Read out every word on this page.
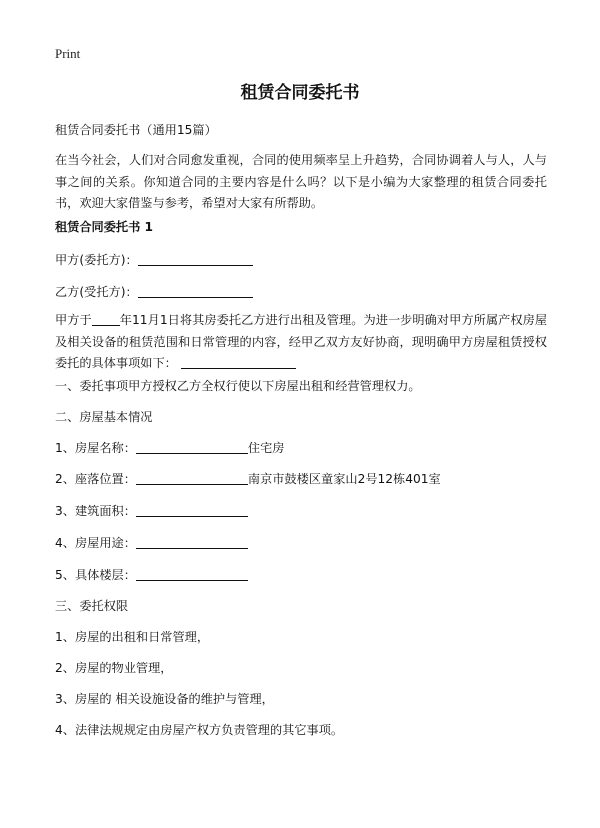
Print
租赁合同委托书

租赁合同委托书（通用15篇）

在当今社会，人们对合同愈发重视，合同的使用频率呈上升趋势，合同协调着人与人，人与事之间的关系。你知道合同的主要内容是什么吗？以下是小编为大家整理的租赁合同委托书，欢迎大家借鉴与参考，希望对大家有所帮助。

租赁合同委托书 1

甲方(委托方)：

乙方(受托方)：

甲方于 年11月1日将其房委托乙方进行出租及管理。为进一步明确对甲方所属产权房屋及相关设备的租赁范围和日常管理的内容，经甲乙双方友好协商，现明确甲方房屋租赁授权委托的具体事项如下：

一、委托事项甲方授权乙方全权行使以下房屋出租和经营管理权力。

二、房屋基本情况

1、房屋名称：	住宅房

2、座落位置：	南京市鼓楼区童家山2号12栋401室

3、建筑面积：

4、房屋用途：

5、具体楼层：

三、委托权限

1、房屋的出租和日常管理，

2、房屋的物业管理，

3、房屋的 相关设施设备的维护与管理，

4、法律法规规定由房屋产权方负责管理的其它事项。
